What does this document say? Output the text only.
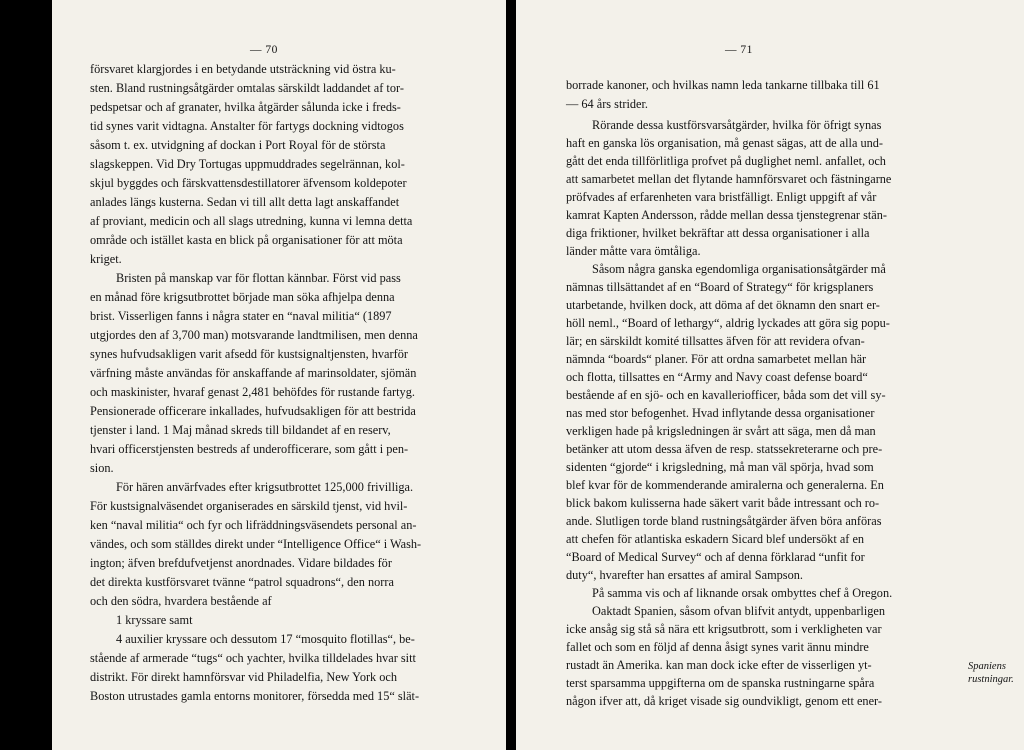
— 70
försvaret klargjordes i en betydande utsträckning vid östra ku-
sten. Bland rustningsåtgärder omtalas särskildt laddandet af tor-
pedspetsar och af granater, hvilka åtgärder sålunda icke i freds-
tid synes varit vidtagna. Anstalter för fartygs dockning vidtogos
såsom t. ex. utvidgning af dockan i Port Royal för de största
slagskeppen. Vid Dry Tortugas uppmuddrades segelrännan, kol-
skjul byggdes och färskvattensdestillatorer äfvensom koldepoter
anlades längs kusterna. Sedan vi till allt detta lagt anskaffandet
af proviant, medicin och all slags utredning, kunna vi lemna detta
område och istället kasta en blick på organisationer för att möta
kriget.
Bristen på manskap var för flottan kännbar. Först vid pass
en månad före krigsutbrottet började man söka afhjelpa denna
brist. Visserligen fanns i några stater en “naval militia“ (1897
utgjordes den af 3,700 man) motsvarande landtmilisen, men denna
synes hufvudsakligen varit afsedd för kustsignaltjensten, hvarför
värfning måste användas för anskaffande af marinsoldater, sjömän
och maskinister, hvaraf genast 2,481 behöfdes för rustande fartyg.
Pensionerade officerare inkallades, hufvudsakligen för att bestrida
tjenster i land. 1 Maj månad skreds till bildandet af en reserv,
hvari officerstjensten bestreds af underofficerare, som gått i pen-
sion.
För hären anvärfvades efter krigsutbrottet 125,000 frivilliga.
För kustsignalväsendet organiserades en särskild tjenst, vid hvil-
ken “naval militia“ och fyr och lifräddningsväsendets personal an-
vändes, och som ställdes direkt under “Intelligence Office“ i Wash-
ington; äfven brefdufvetjenst anordnades. Vidare bildades för
det direkta kustförsvaret tvänne “patrol squadrons“, den norra
och den södra, hvardera bestående af
1 kryssare samt
4 auxilier kryssare och dessutom 17 “mosquito flotillas“, be-
stående af armerade “tugs“ och yachter, hvilka tilldelades hvar sitt
distrikt. För direkt hamnförsvar vid Philadelfia, New York och
Boston utrustades gamla entorns monitorer, försedda med 15“ slät-
— 71
borrade kanoner, och hvilkas namn leda tankarne tillbaka till 61
— 64 års strider.
Rörande dessa kustförsvarsåtgärder, hvilka för öfrigt synas
haft en ganska lös organisation, må genast sägas, att de alla und-
gått det enda tillförlitliga profvet på duglighet neml. anfallet, och
att samarbetet mellan det flytande hamnförsvaret och fästningarne
pröfvades af erfarenheten vara bristfälligt. Enligt uppgift af vår
kamrat Kapten Andersson, rådde mellan dessa tjenstegrenar stän-
diga friktioner, hvilket bekräftar att dessa organisationer i alla
länder måtte vara ömtåliga.
Såsom några ganska egendomliga organisationsåtgärder må
nämnas tillsättandet af en “Board of Strategy“ för krigsplaners
utarbetande, hvilken dock, att döma af det öknamn den snart er-
höll neml., “Board of lethargy“, aldrig lyckades att göra sig popu-
lär; en särskildt komité tillsattes äfven för att revidera ofvan-
nämnda “boards“ planer. För att ordna samarbetet mellan här
och flotta, tillsattes en “Army and Navy coast defense board“
bestående af en sjö- och en kavalleriofficer, båda som det vill sy-
nas med stor befogenhet. Hvad inflytande dessa organisationer
verkligen hade på krigsledningen är svårt att säga, men då man
betänker att utom dessa äfven de resp. statssekreterarne och pre-
sidenten “gjorde“ i krigsledning, må man väl spörja, hvad som
blef kvar för de kommenderande amiralerna och generalerna. En
blick bakom kulisserna hade säkert varit både intressant och ro-
ande. Slutligen torde bland rustningsåtgärder äfven böra anföras
att chefen för atlantiska eskadern Sicard blef undersökt af en
“Board of Medical Survey“ och af denna förklarad “unfit for
duty“, hvarefter han ersattes af amiral Sampson.
På samma vis och af liknande orsak ombyttes chef å Oregon.
Oaktadt Spanien, såsom ofvan blifvit antydt, uppenbarligen
icke ansåg sig stå så nära ett krigsutbrott, som i verkligheten var
fallet och som en följd af denna åsigt synes varit ännu mindre
rustadt än Amerika. kan man dock icke efter de visserligen yt-
terst sparsamma uppgifterna om de spanska rustningarne spåra
någon ifver att, då kriget visade sig oundvikligt, genom ett ener-
Spaniens
rustningar.
